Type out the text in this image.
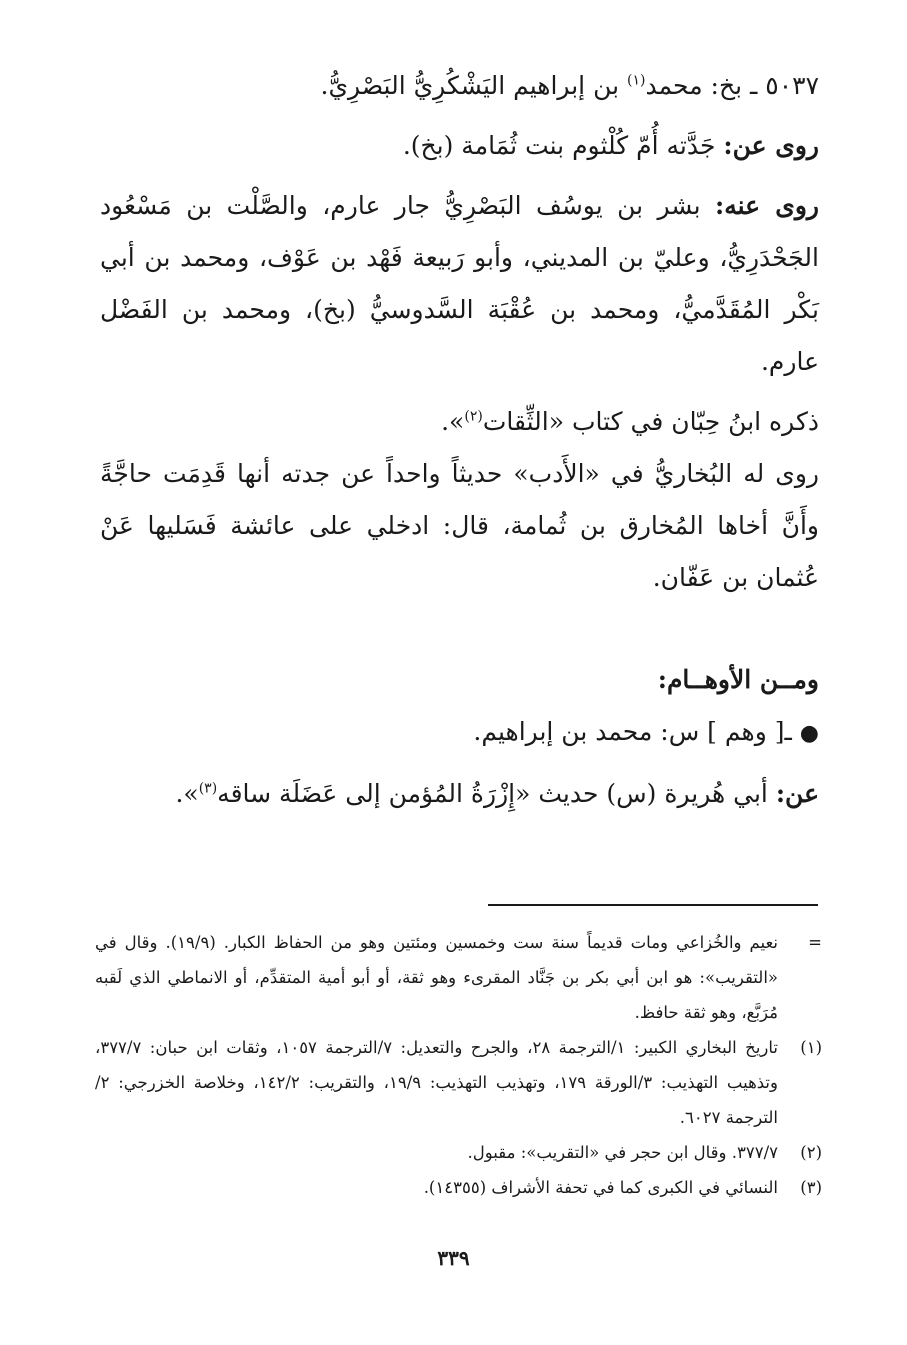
٥٠٣٧ ـ بخ: محمد$^{(١)}$ بن إبراهيم اليَشْكُرِيُّ البَصْرِيُّ.

روى عن: جَدَّته أُمّ كُلْثوم بنت ثُمَامة (بخ).

روى عنه: بشر بن يوسُف البَصْرِيُّ جار عارم، والصَّلْت بن مَسْعُود الجَحْدَرِيُّ، وعليّ بن المديني، وأبو رَبيعة فَهْد بن عَوْف، ومحمد بن أبي بَكْر المُقَدَّميُّ، ومحمد بن عُقْبَة السَّدوسيُّ (بخ)، ومحمد بن الفَضْل عارم.

ذكره ابنُ حِبّان في كتاب «الثِّقات$^{(٢)}$».

روى له البُخاريُّ في «الأَدب» حديثاً واحداً عن جدته أنها قَدِمَت حاجَّةً وأَنَّ أخاها المُخارق بن ثُمامة، قال: ادخلي على عائشة فَسَليها عَنْ عُثمان بن عَفّان.

ومــن الأوهــام:

●ـ[ وهم ] س: محمد بن إبراهيم.

عن: أبي هُريرة (س) حديث «إِزْرَةُ المُؤمن إلى عَضَلَة ساقه$^{(٣)}$».

=
نعيم والخُزاعي ومات قديماً سنة ست وخمسين ومئتين وهو من الحفاظ الكبار. (١٩/٩). وقال في «التقريب»: هو ابن أبي بكر بن جَنَّاد المقرىء وهو ثقة، أو أبو أمية المتقدِّم، أو الانماطي الذي لَقبه مُرَبَّع، وهو ثقة حافظ.
(١)
تاريخ البخاري الكبير: ١/الترجمة ٢٨، والجرح والتعديل: ٧/الترجمة ١٠٥٧، وثقات ابن حبان: ٣٧٧/٧، وتذهيب التهذيب: ٣/الورقة ١٧٩، وتهذيب التهذيب: ١٩/٩، والتقريب: ١٤٢/٢، وخلاصة الخزرجي: ٢/الترجمة ٦٠٢٧.
(٢)
٣٧٧/٧. وقال ابن حجر في «التقريب»: مقبول.
(٣)
النسائي في الكبرى كما في تحفة الأشراف (١٤٣٥٥).
٣٣٩
